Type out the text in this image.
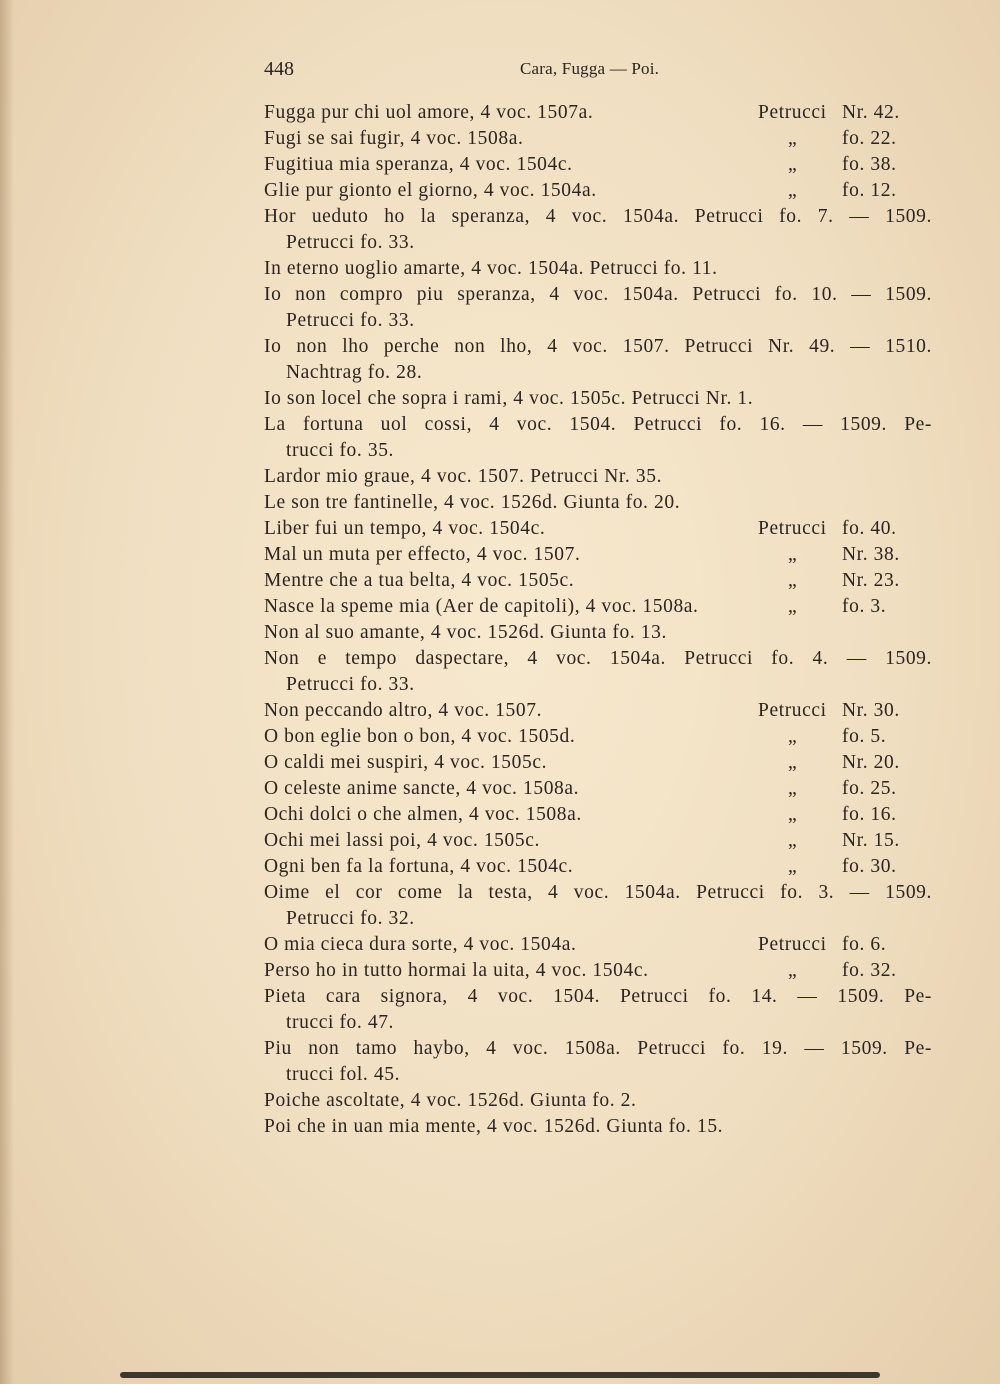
448	Cara, Fugga — Poi.
Fugga pur chi uol amore, 4 voc. 1507a.	Petrucci Nr. 42.
Fugi se sai fugir, 4 voc. 1508a.	„	fo. 22.
Fugitiua mia speranza, 4 voc. 1504c.	„	fo. 38.
Glie pur gionto el giorno, 4 voc. 1504a.	„	fo. 12.
Hor ueduto ho la speranza, 4 voc. 1504a. Petrucci fo. 7. — 1509.
Petrucci fo. 33.
In eterno uoglio amarte, 4 voc. 1504a. Petrucci fo. 11.
Io non compro piu speranza, 4 voc. 1504a. Petrucci fo. 10. — 1509.
Petrucci fo. 33.
Io non lho perche non lho, 4 voc. 1507. Petrucci Nr. 49. — 1510.
Nachtrag fo. 28.
Io son locel che sopra i rami, 4 voc. 1505c. Petrucci Nr. 1.
La fortuna uol cossi, 4 voc. 1504. Petrucci fo. 16. — 1509. Pe-
trucci fo. 35.
Lardor mio graue, 4 voc. 1507. Petrucci Nr. 35.
Le son tre fantinelle, 4 voc. 1526d. Giunta fo. 20.
Liber fui un tempo, 4 voc. 1504c.	Petrucci fo. 40.
Mal un muta per effecto, 4 voc. 1507.	„	Nr. 38.
Mentre che a tua belta, 4 voc. 1505c.	„	Nr. 23.
Nasce la speme mia (Aer de capitoli), 4 voc. 1508a.	„	fo. 3.
Non al suo amante, 4 voc. 1526d. Giunta fo. 13.
Non e tempo daspectare, 4 voc. 1504a. Petrucci fo. 4. — 1509.
Petrucci fo. 33.
Non peccando altro, 4 voc. 1507.	Petrucci Nr. 30.
O bon eglie bon o bon, 4 voc. 1505d.	„	fo. 5.
O caldi mei suspiri, 4 voc. 1505c.	„	Nr. 20.
O celeste anime sancte, 4 voc. 1508a.	„	fo. 25.
Ochi dolci o che almen, 4 voc. 1508a.	„	fo. 16.
Ochi mei lassi poi, 4 voc. 1505c.	„	Nr. 15.
Ogni ben fa la fortuna, 4 voc. 1504c.	„	fo. 30.
Oime el cor come la testa, 4 voc. 1504a. Petrucci fo. 3. — 1509.
Petrucci fo. 32.
O mia cieca dura sorte, 4 voc. 1504a.	Petrucci fo. 6.
Perso ho in tutto hormai la uita, 4 voc. 1504c.	„	fo. 32.
Pieta cara signora, 4 voc. 1504. Petrucci fo. 14. — 1509. Pe-
trucci fo. 47.
Piu non tamo haybo, 4 voc. 1508a. Petrucci fo. 19. — 1509. Pe-
trucci fol. 45.
Poiche ascoltate, 4 voc. 1526d. Giunta fo. 2.
Poi che in uan mia mente, 4 voc. 1526d. Giunta fo. 15.
